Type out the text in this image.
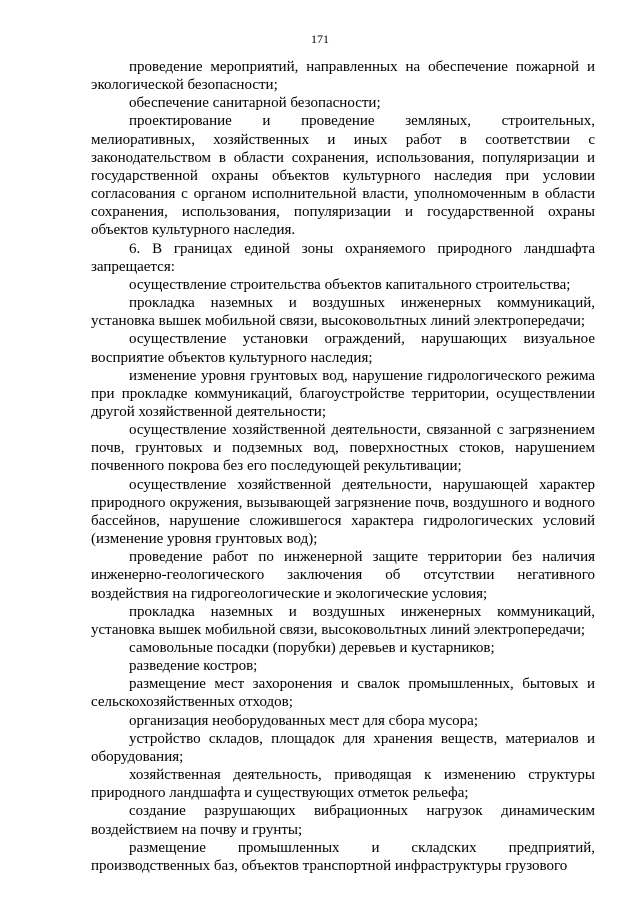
171

проведение мероприятий, направленных на обеспечение пожарной и экологической безопасности;

обеспечение санитарной безопасности;

проектирование и проведение земляных, строительных, мелиоративных, хозяйственных и иных работ в соответствии с законодательством в области сохранения, использования, популяризации и государственной охраны объектов культурного наследия при условии согласования с органом исполнительной власти, уполномоченным в области сохранения, использования, популяризации и государственной охраны объектов культурного наследия.

6. В границах единой зоны охраняемого природного ландшафта запрещается:

осуществление строительства объектов капитального строительства;

прокладка наземных и воздушных инженерных коммуникаций, установка вышек мобильной связи, высоковольтных линий электропередачи;

осуществление установки ограждений, нарушающих визуальное восприятие объектов культурного наследия;

изменение уровня грунтовых вод, нарушение гидрологического режима при прокладке коммуникаций, благоустройстве территории, осуществлении другой хозяйственной деятельности;

осуществление хозяйственной деятельности, связанной с загрязнением почв, грунтовых и подземных вод, поверхностных стоков, нарушением почвенного покрова без его последующей рекультивации;

осуществление хозяйственной деятельности, нарушающей характер природного окружения, вызывающей загрязнение почв, воздушного и водного бассейнов, нарушение сложившегося характера гидрологических условий (изменение уровня грунтовых вод);

проведение работ по инженерной защите территории без наличия инженерно-геологического заключения об отсутствии негативного воздействия на гидрогеологические и экологические условия;

прокладка наземных и воздушных инженерных коммуникаций, установка вышек мобильной связи, высоковольтных линий электропередачи;

самовольные посадки (порубки) деревьев и кустарников;

разведение костров;

размещение мест захоронения и свалок промышленных, бытовых и сельскохозяйственных отходов;

организация необорудованных мест для сбора мусора;

устройство складов, площадок для хранения веществ, материалов и оборудования;

хозяйственная деятельность, приводящая к изменению структуры природного ландшафта и существующих отметок рельефа;

создание разрушающих вибрационных нагрузок динамическим воздействием на почву и грунты;

размещение промышленных и складских предприятий, производственных баз, объектов транспортной инфраструктуры грузового
